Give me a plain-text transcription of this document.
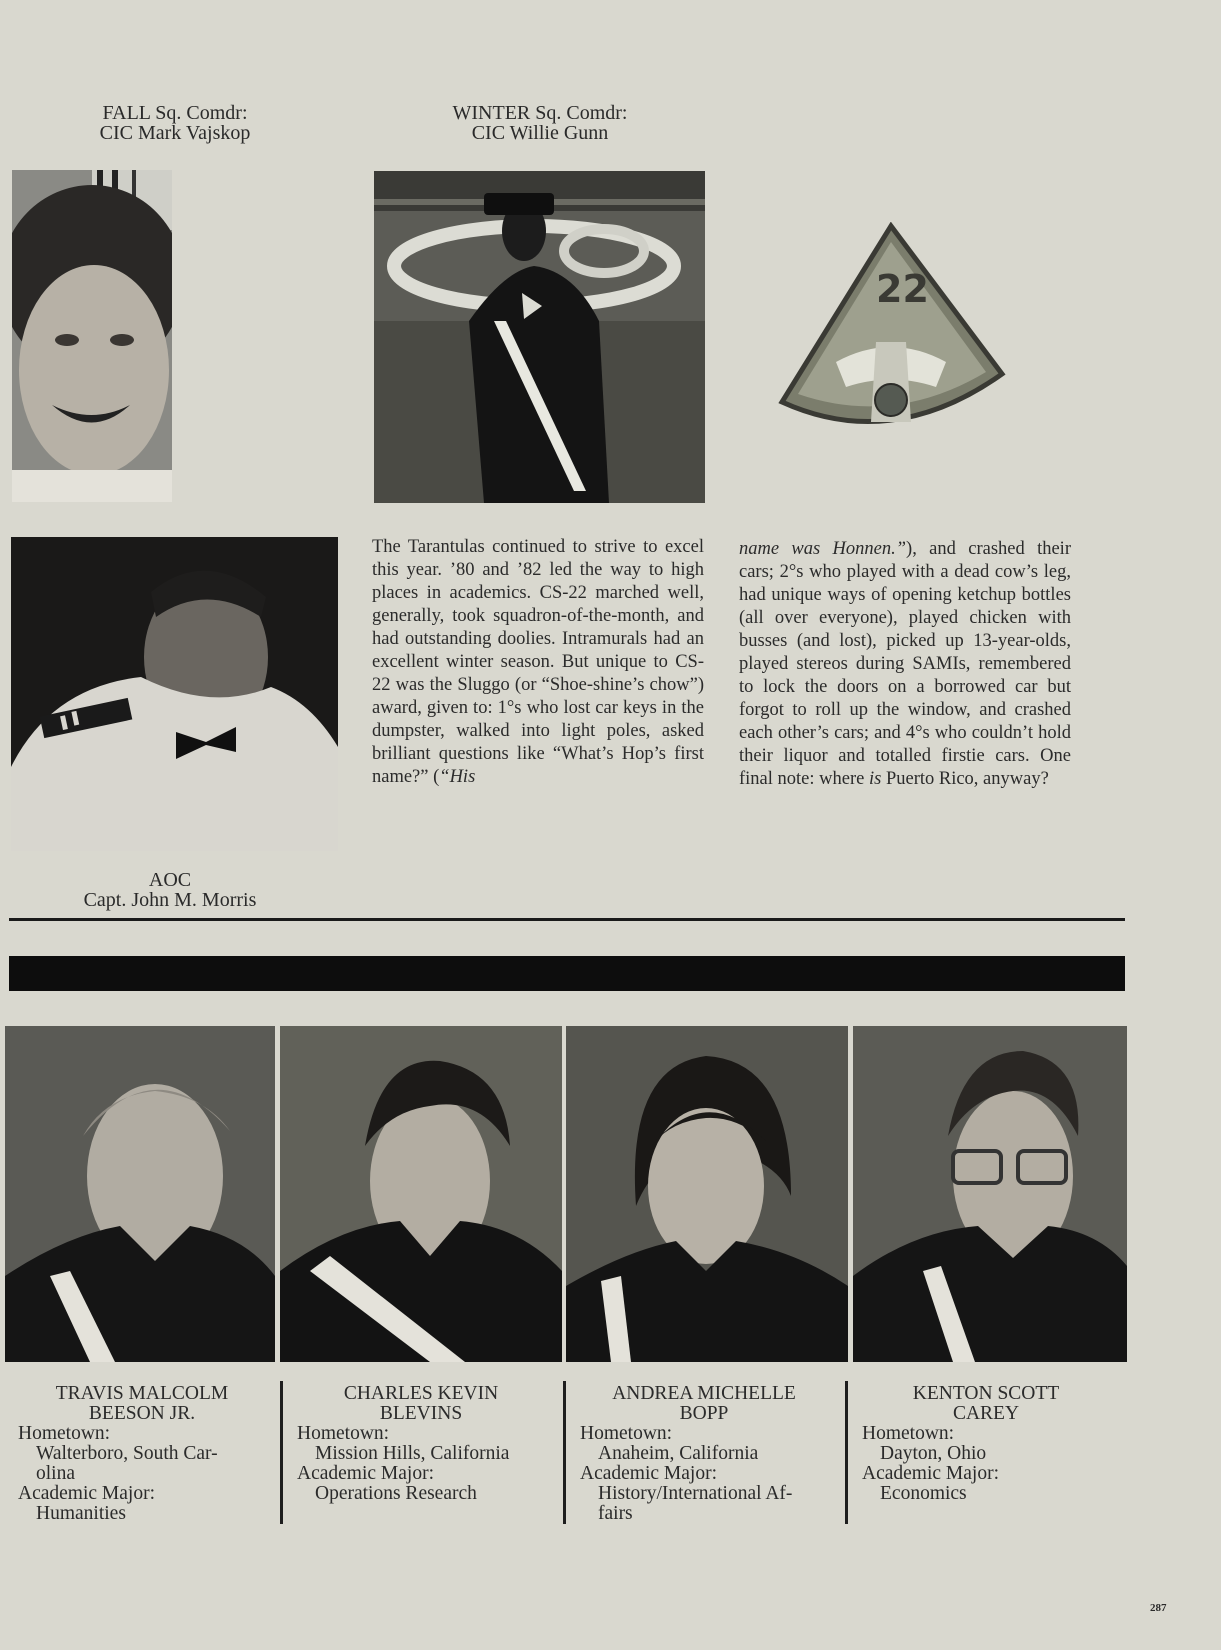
FALL Sq. Comdr:
CIC Mark Vajskop
WINTER Sq. Comdr:
CIC Willie Gunn
22

The Tarantulas continued to strive to excel this year. ’80 and ’82 led the way to high places in academics. CS-22 marched well, generally, took squadron-of-the-month, and had outstanding doolies. Intramurals had an excellent winter season. But unique to CS-22 was the Sluggo (or “Shoe-shine’s chow”) award, given to: 1°s who lost car keys in the dumpster, walked into light poles, asked brilliant questions like “What’s Hop’s first name?” (“His

name was Honnen.”), and crashed their cars; 2°s who played with a dead cow’s leg, had unique ways of opening ketchup bottles (all over everyone), played chicken with busses (and lost), picked up 13-year-olds, played stereos during SAMIs, remembered to lock the doors on a borrowed car but forgot to roll up the window, and crashed each other’s cars; and 4°s who couldn’t hold their liquor and totalled firstie cars. One final note: where is Puerto Rico, anyway?

AOC
Capt. John M. Morris
TRAVIS MALCOLM
BEESON JR.
Hometown:
Walterboro, South Car-
olina
Academic Major:
Humanities
CHARLES KEVIN
BLEVINS
Hometown:
Mission Hills, California
Academic Major:
Operations Research
ANDREA MICHELLE
BOPP
Hometown:
Anaheim, California
Academic Major:
History/International Af-
fairs
KENTON SCOTT
CAREY
Hometown:
Dayton, Ohio
Academic Major:
Economics
287
